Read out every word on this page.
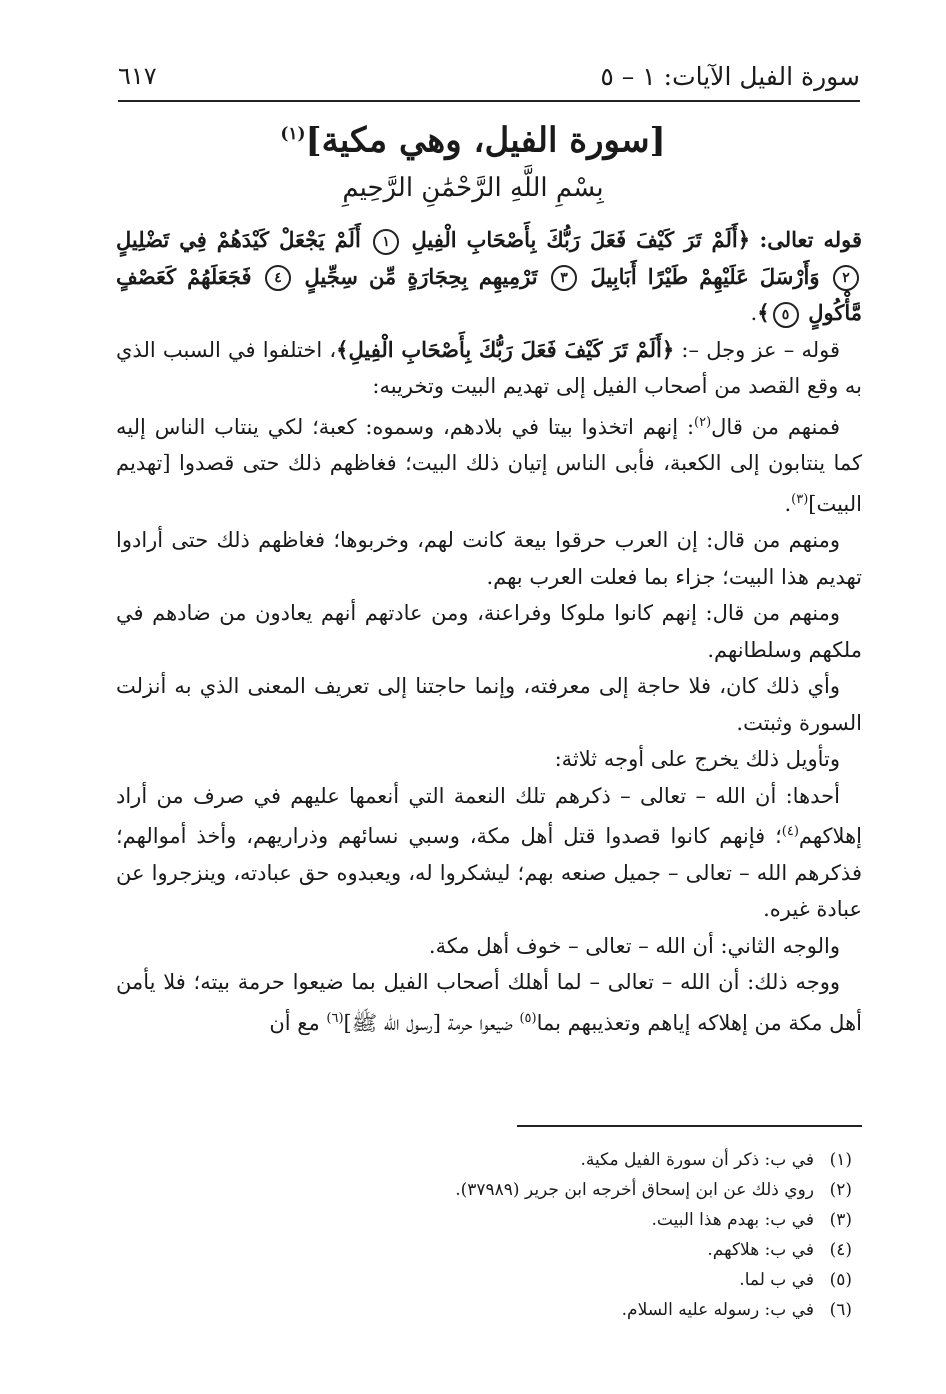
سورة الفيل الآيات: ١ – ٥
٦١٧
[سورة الفيل، وهي مكية]$^{(١)}$
بِسْمِ اللَّهِ الرَّحْمَٰنِ الرَّحِيمِ

قوله تعالى: ﴿أَلَمْ تَرَ كَيْفَ فَعَلَ رَبُّكَ بِأَصْحَابِ الْفِيلِ ١ أَلَمْ يَجْعَلْ كَيْدَهُمْ فِي تَضْلِيلٍ ٢ وَأَرْسَلَ عَلَيْهِمْ طَيْرًا أَبَابِيلَ ٣ تَرْمِيهِم بِحِجَارَةٍ مِّن سِجِّيلٍ ٤ فَجَعَلَهُمْ كَعَصْفٍ مَّأْكُولٍ ٥﴾.

قوله – عز وجل –: ﴿أَلَمْ تَرَ كَيْفَ فَعَلَ رَبُّكَ بِأَصْحَابِ الْفِيلِ﴾، اختلفوا في السبب الذي به وقع القصد من أصحاب الفيل إلى تهديم البيت وتخريبه:

فمنهم من قال$^{(٢)}$: إنهم اتخذوا بيتا في بلادهم، وسموه: كعبة؛ لكي ينتاب الناس إليه كما ينتابون إلى الكعبة، فأبى الناس إتيان ذلك البيت؛ فغاظهم ذلك حتى قصدوا [تهديم البيت]$^{(٣)}$.

ومنهم من قال: إن العرب حرقوا بيعة كانت لهم، وخربوها؛ فغاظهم ذلك حتى أرادوا تهديم هذا البيت؛ جزاء بما فعلت العرب بهم.

ومنهم من قال: إنهم كانوا ملوكا وفراعنة، ومن عادتهم أنهم يعادون من ضادهم في ملكهم وسلطانهم.

وأي ذلك كان، فلا حاجة إلى معرفته، وإنما حاجتنا إلى تعريف المعنى الذي به أنزلت السورة وثبتت.

وتأويل ذلك يخرج على أوجه ثلاثة:

أحدها: أن الله – تعالى – ذكرهم تلك النعمة التي أنعمها عليهم في صرف من أراد إهلاكهم$^{(٤)}$؛ فإنهم كانوا قصدوا قتل أهل مكة، وسبي نسائهم وذراريهم، وأخذ أموالهم؛ فذكرهم الله – تعالى – جميل صنعه بهم؛ ليشكروا له، ويعبدوه حق عبادته، وينزجروا عن عبادة غيره.

والوجه الثاني: أن الله – تعالى – خوف أهل مكة.

ووجه ذلك: أن الله – تعالى – لما أهلك أصحاب الفيل بما ضيعوا حرمة بيته؛ فلا يأمن أهل مكة من إهلاكه إياهم وتعذيبهم بما$^{(٥)}$ ضيعوا حرمة [رسول الله ﷺ]$^{(٦)}$ مع أن

(١)
في ب: ذكر أن سورة الفيل مكية.
(٢)
روي ذلك عن ابن إسحاق أخرجه ابن جرير (٣٧٩٨٩).
(٣)
في ب: بهدم هذا البيت.
(٤)
في ب: هلاكهم.
(٥)
في ب لما.
(٦)
في ب: رسوله عليه السلام.
